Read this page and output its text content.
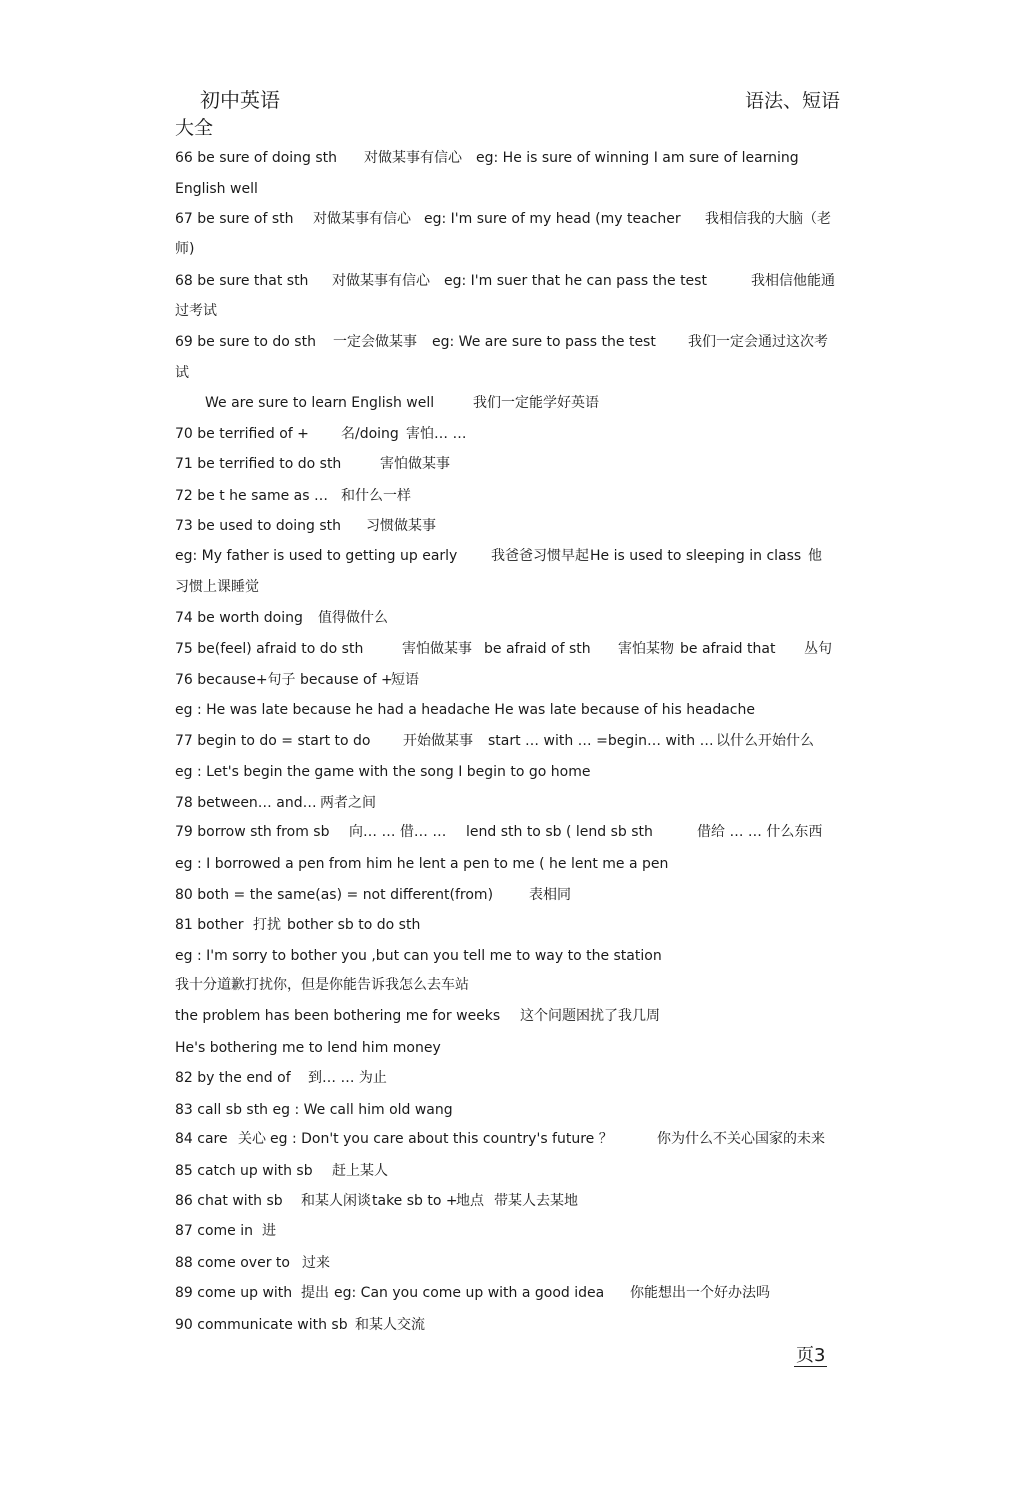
初中英语	语法、短语
大全
66 be sure of doing sth 对做某事有信心 eg: He is sure of winning I am sure of learning
English well
67 be sure of sth 对做某事有信心 eg: I'm sure of my head (my teacher 我相信我的大脑（老
师)
68 be sure that sth 对做某事有信心 eg: I'm suer that he can pass the test	我相信他能通
过考试
69 be sure to do sth 一定会做某事 eg: We are sure to pass the test 我们一定会通过这次考
试
We are sure to learn English well	我们一定能学好英语
70 be terrified of + 名/doing 害怕… …
71 be terrified to do sth	害怕做某事
72 be t he same as … 和什么一样
73 be used to doing sth 习惯做某事
eg: My father is used to getting up early 我爸爸习惯早起 He is used to sleeping in class 他
习惯上课睡觉
74 be worth doing 值得做什么
75 be(feel) afraid to do sth	害怕做某事 be afraid of sth 害怕某物 be afraid that 丛句
76 because+句子 because of +
短语
eg : He was late because he had a headache He was late because of his headache
77 begin to do = start to do 开始做某事 start … with … =begin… with … 以什么开始什么
eg : Let's begin the game with the song I begin to go home
78 between… and… 两者之间
79 borrow sth from sb 向… … 借… … lend sth to sb ( lend sb sth	借给 … … 什么东西
eg : I borrowed a pen from him he lent a pen to me ( he lent me a pen
80 both = the same(as) = not different(from)	表相同
81 bother 打扰 bother sb to do sth
eg : I'm sorry to bother you ,but can you tell me to way to the station
我十分道歉打扰你，但是你能告诉我怎么去车站
the problem has been bothering me for weeks 这个问题困扰了我几周
He's bothering me to lend him money
82 by the end of 到… … 为止
83 call sb sth eg : We call him old wang
84 care 关心 eg : Don't you care about this country's future ？	你为什么不关心国家的未来
85 catch up with sb 赶上某人
86 chat with sb 和某人闲谈 take sb to +
地点 带某人去某地
87 come in 进
88 come over to 过来
89 come up with 提出 eg: Can you come up with a good idea 你能想出一个好办法吗
90 communicate with sb 和某人交流
页3
